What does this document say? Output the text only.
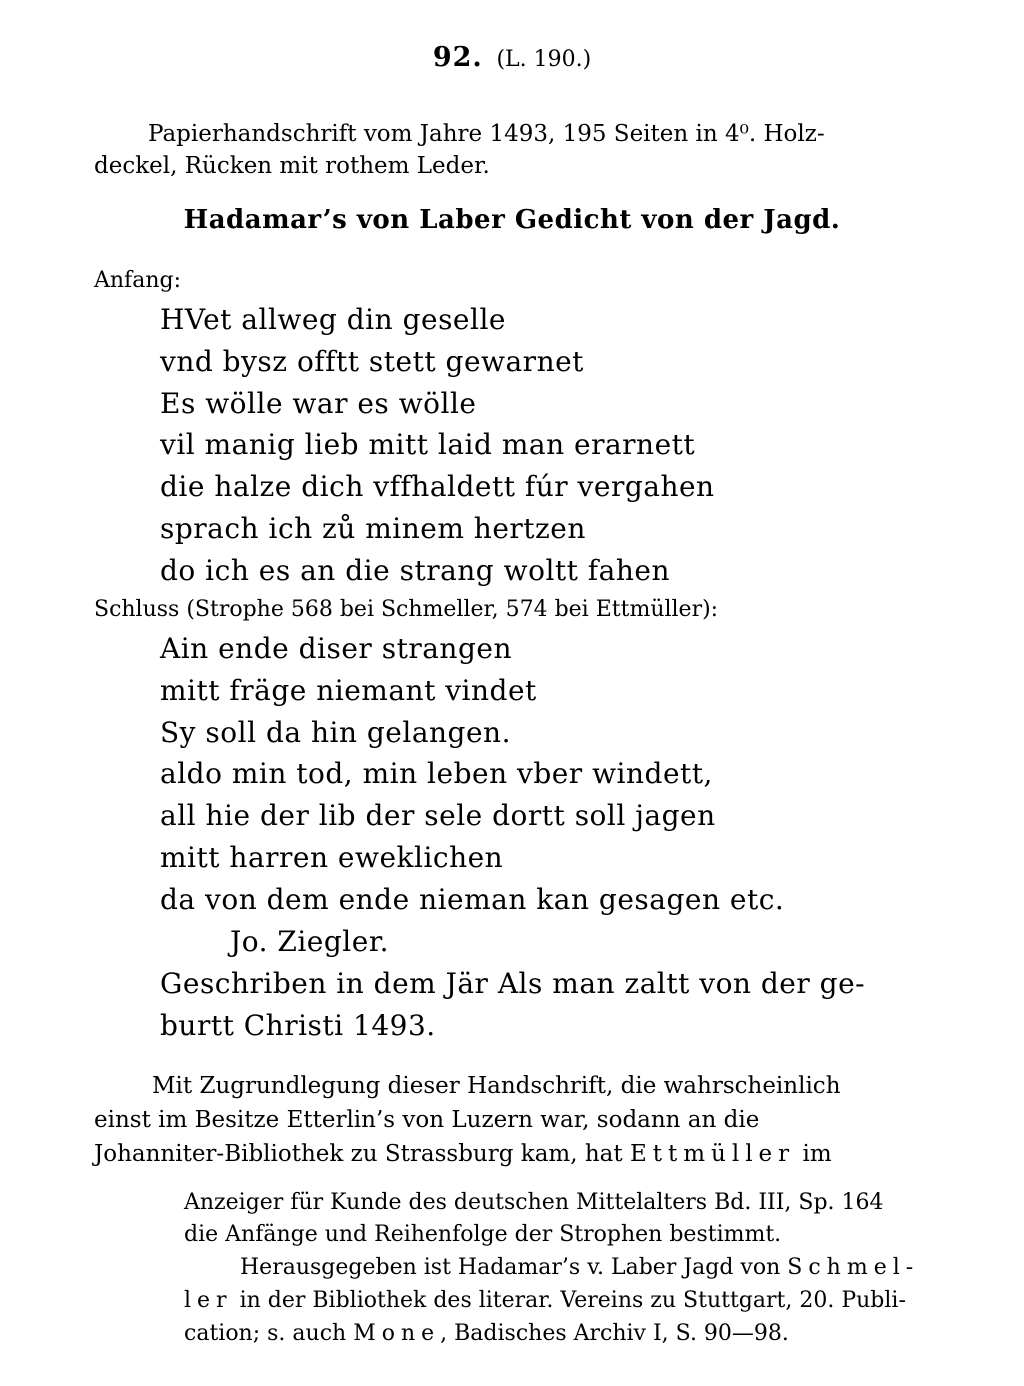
92. (L. 190.)
Papierhandschrift vom Jahre 1493, 195 Seiten in 4⁰. Holz-
deckel, Rücken mit rothem Leder.
Hadamar’s von Laber Gedicht von der Jagd.
Anfang:
HVet allweg din geselle
vnd bysz offtt stett gewarnet
Es wölle war es wölle
vil manig lieb mitt laid man erarnett
die halze dich vffhaldett fúr vergahen
sprach ich zů minem hertzen
do ich es an die strang woltt fahen
Schluss (Strophe 568 bei Schmeller, 574 bei Ettmüller):
Ain ende diser strangen
mitt fräge niemant vindet
Sy soll da hin gelangen.
aldo min tod, min leben vber windett,
all hie der lib der sele dortt soll jagen
mitt harren eweklichen
da von dem ende nieman kan gesagen etc.
Jo. Ziegler.
Geschriben in dem Jär Als man zaltt von der ge-
burtt Christi 1493.
Mit Zugrundlegung dieser Handschrift, die wahrscheinlich
einst im Besitze Etterlin’s von Luzern war, sodann an die
Johanniter-Bibliothek zu Strassburg kam, hat Ettmüller im
Anzeiger für Kunde des deutschen Mittelalters Bd. III, Sp. 164
die Anfänge und Reihenfolge der Strophen bestimmt.
Herausgegeben ist Hadamar’s v. Laber Jagd von Schmel-
ler in der Bibliothek des literar. Vereins zu Stuttgart, 20. Publi-
cation; s. auch Mone, Badisches Archiv I, S. 90—98.
